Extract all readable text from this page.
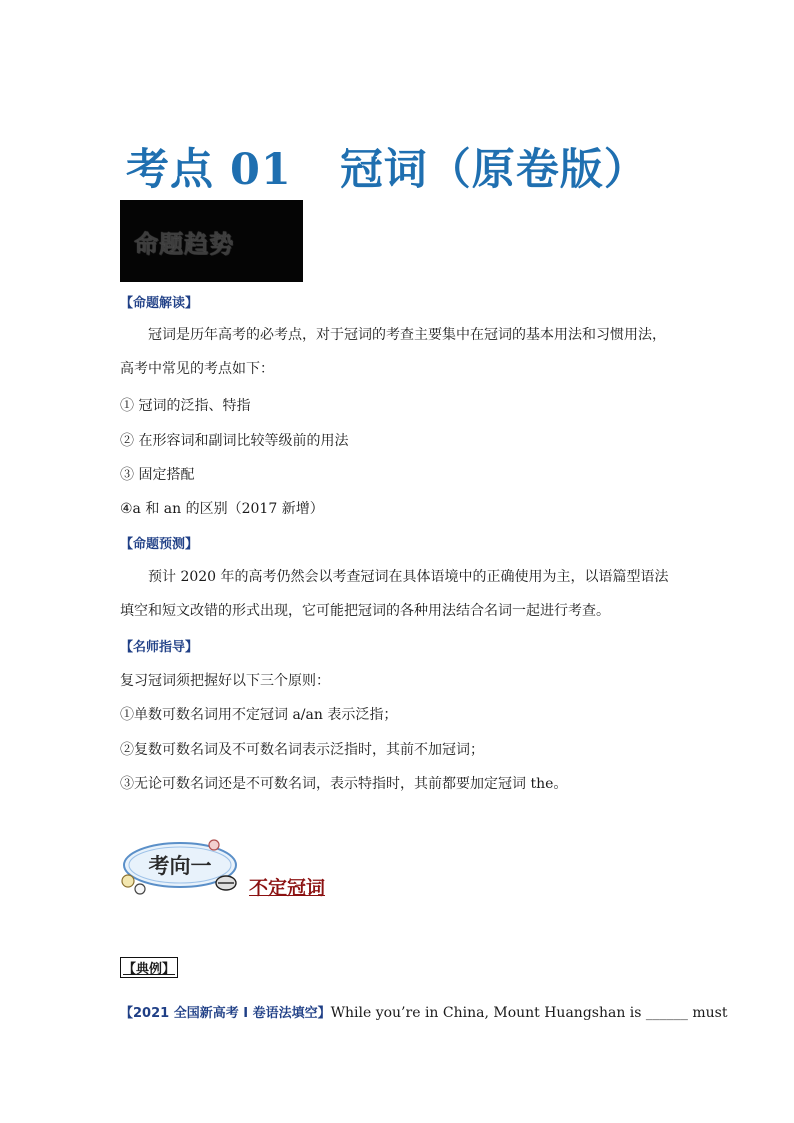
考点 01 冠词（原卷版）
命题趋势
【命题解读】

冠词是历年高考的必考点，对于冠词的考查主要集中在冠词的基本用法和习惯用法，高考中常见的考点如下：

① 冠词的泛指、特指
② 在形容词和副词比较等级前的用法
③ 固定搭配
④a 和 an 的区别（2017 新增）
【命题预测】

预计 2020 年的高考仍然会以考查冠词在具体语境中的正确使用为主，以语篇型语法填空和短文改错的形式出现，它可能把冠词的各种用法结合名词一起进行考查。

【名师指导】
复习冠词须把握好以下三个原则：
①单数可数名词用不定冠词 a/an 表示泛指；
②复数可数名词及不可数名词表示泛指时，其前不加冠词；
③无论可数名词还是不可数名词，表示特指时，其前都要加定冠词 the。
考向一
不定冠词
【典例】
【2021 全国新高考 I 卷语法填空】While you’re in China, Mount Huangshan is ______ must
